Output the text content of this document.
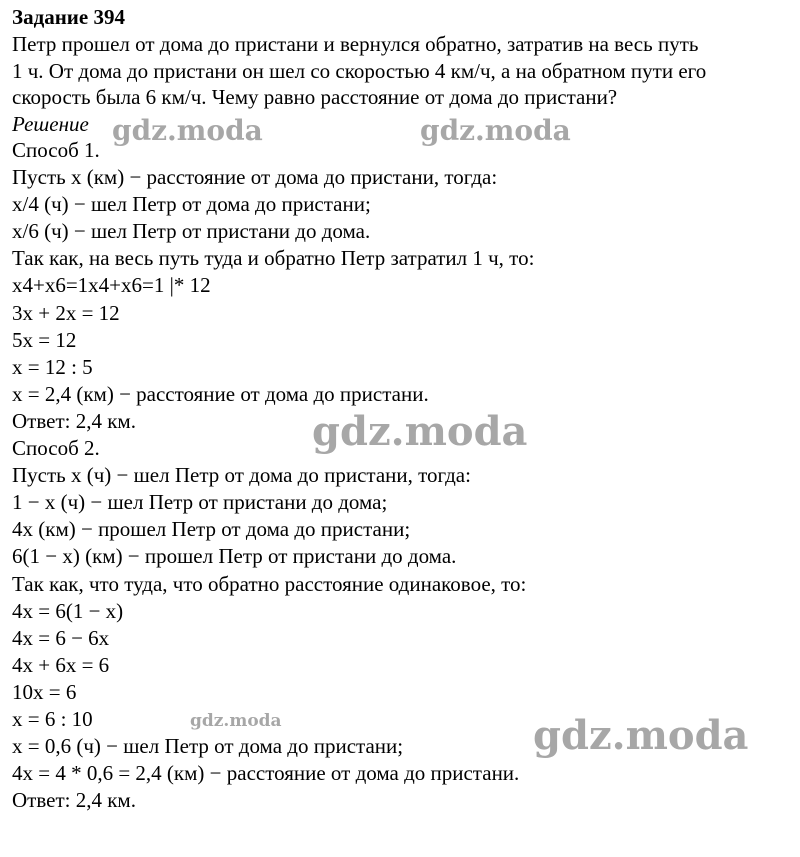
Задание 394

Петр прошел от дома до пристани и вернулся обратно, затратив на весь путь
1 ч. От дома до пристани он шел со скоростью 4 км/ч, а на обратном пути его
скорость была 6 км/ч. Чему равно расстояние от дома до пристани?

Решение

Способ 1.

Пусть х (км) − расстояние от дома до пристани, тогда:

х/4 (ч) − шел Петр от дома до пристани;

х/6 (ч) − шел Петр от пристани до дома.

Так как, на весь путь туда и обратно Петр затратил 1 ч, то:

x4+x6=1x4+x6=1 |* 12

3х + 2х = 12

5х = 12

х = 12 : 5

х = 2,4 (км) − расстояние от дома до пристани.

Ответ: 2,4 км.

Способ 2.

Пусть х (ч) − шел Петр от дома до пристани, тогда:

1 − х (ч) − шел Петр от пристани до дома;

4х (км) − прошел Петр от дома до пристани;

6(1 − х) (км) − прошел Петр от пристани до дома.

Так как, что туда, что обратно расстояние одинаковое, то:

4х = 6(1 − х)

4х = 6 − 6х

4х + 6х = 6

10х = 6

х = 6 : 10

х = 0,6 (ч) − шел Петр от дома до пристани;

4х = 4 * 0,6 = 2,4 (км) − расстояние от дома до пристани.

Ответ: 2,4 км.

gdz.moda	gdz.moda
gdz.moda
gdz.moda	gdz.moda
